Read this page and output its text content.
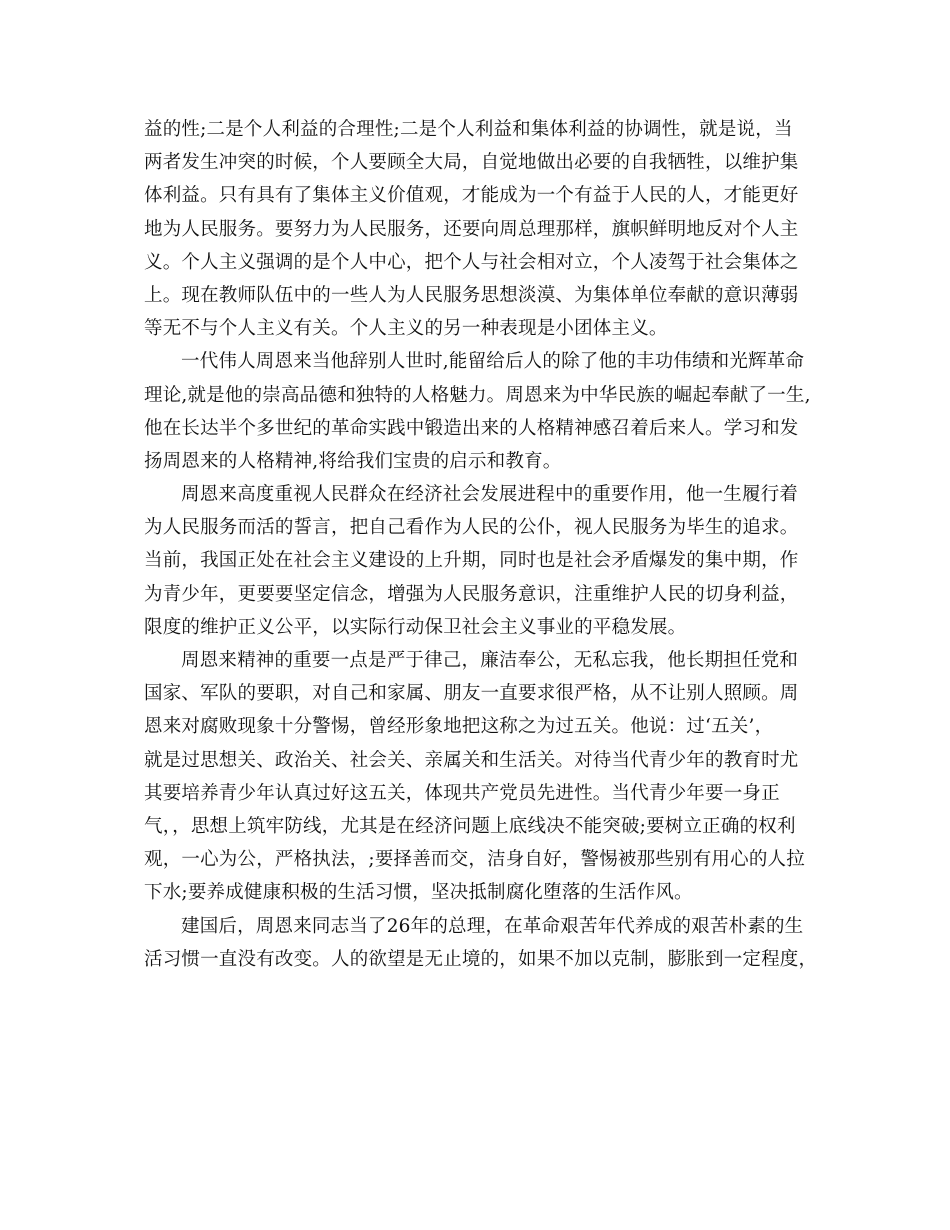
益的性;二是个人利益的合理性;二是个人利益和集体利益的协调性，就是说，当
两者发生冲突的时候，个人要顾全大局，自觉地做出必要的自我牺牲，以维护集
体利益。只有具有了集体主义价值观，才能成为一个有益于人民的人，才能更好
地为人民服务。要努力为人民服务，还要向周总理那样，旗帜鲜明地反对个人主
义。个人主义强调的是个人中心，把个人与社会相对立，个人凌驾于社会集体之
上。现在教师队伍中的一些人为人民服务思想淡漠、为集体单位奉献的意识薄弱
等无不与个人主义有关。个人主义的另一种表现是小团体主义。
一代伟人周恩来当他辞别人世时,能留给后人的除了他的丰功伟绩和光辉革命
理论,就是他的崇高品德和独特的人格魅力。周恩来为中华民族的崛起奉献了一生,
他在长达半个多世纪的革命实践中锻造出来的人格精神感召着后来人。学习和发
扬周恩来的人格精神,将给我们宝贵的启示和教育。
周恩来高度重视人民群众在经济社会发展进程中的重要作用，他一生履行着
为人民服务而活的誓言，把自己看作为人民的公仆，视人民服务为毕生的追求。
当前，我国正处在社会主义建设的上升期，同时也是社会矛盾爆发的集中期，作
为青少年，更要要坚定信念，增强为人民服务意识，注重维护人民的切身利益，
限度的维护正义公平，以实际行动保卫社会主义事业的平稳发展。
周恩来精神的重要一点是严于律己，廉洁奉公，无私忘我，他长期担任党和
国家、军队的要职，对自己和家属、朋友一直要求很严格，从不让别人照顾。周
恩来对腐败现象十分警惕，曾经形象地把这称之为过五关。他说：过‘五关’，
就是过思想关、政治关、社会关、亲属关和生活关。对待当代青少年的教育时尤
其要培养青少年认真过好这五关，体现共产党员先进性。当代青少年要一身正
气，，思想上筑牢防线，尤其是在经济问题上底线决不能突破;要树立正确的权利
观，一心为公，严格执法，;要择善而交，洁身自好，警惕被那些别有用心的人拉
下水;要养成健康积极的生活习惯，坚决抵制腐化堕落的生活作风。
建国后，周恩来同志当了26年的总理，在革命艰苦年代养成的艰苦朴素的生
活习惯一直没有改变。人的欲望是无止境的，如果不加以克制，膨胀到一定程度，
